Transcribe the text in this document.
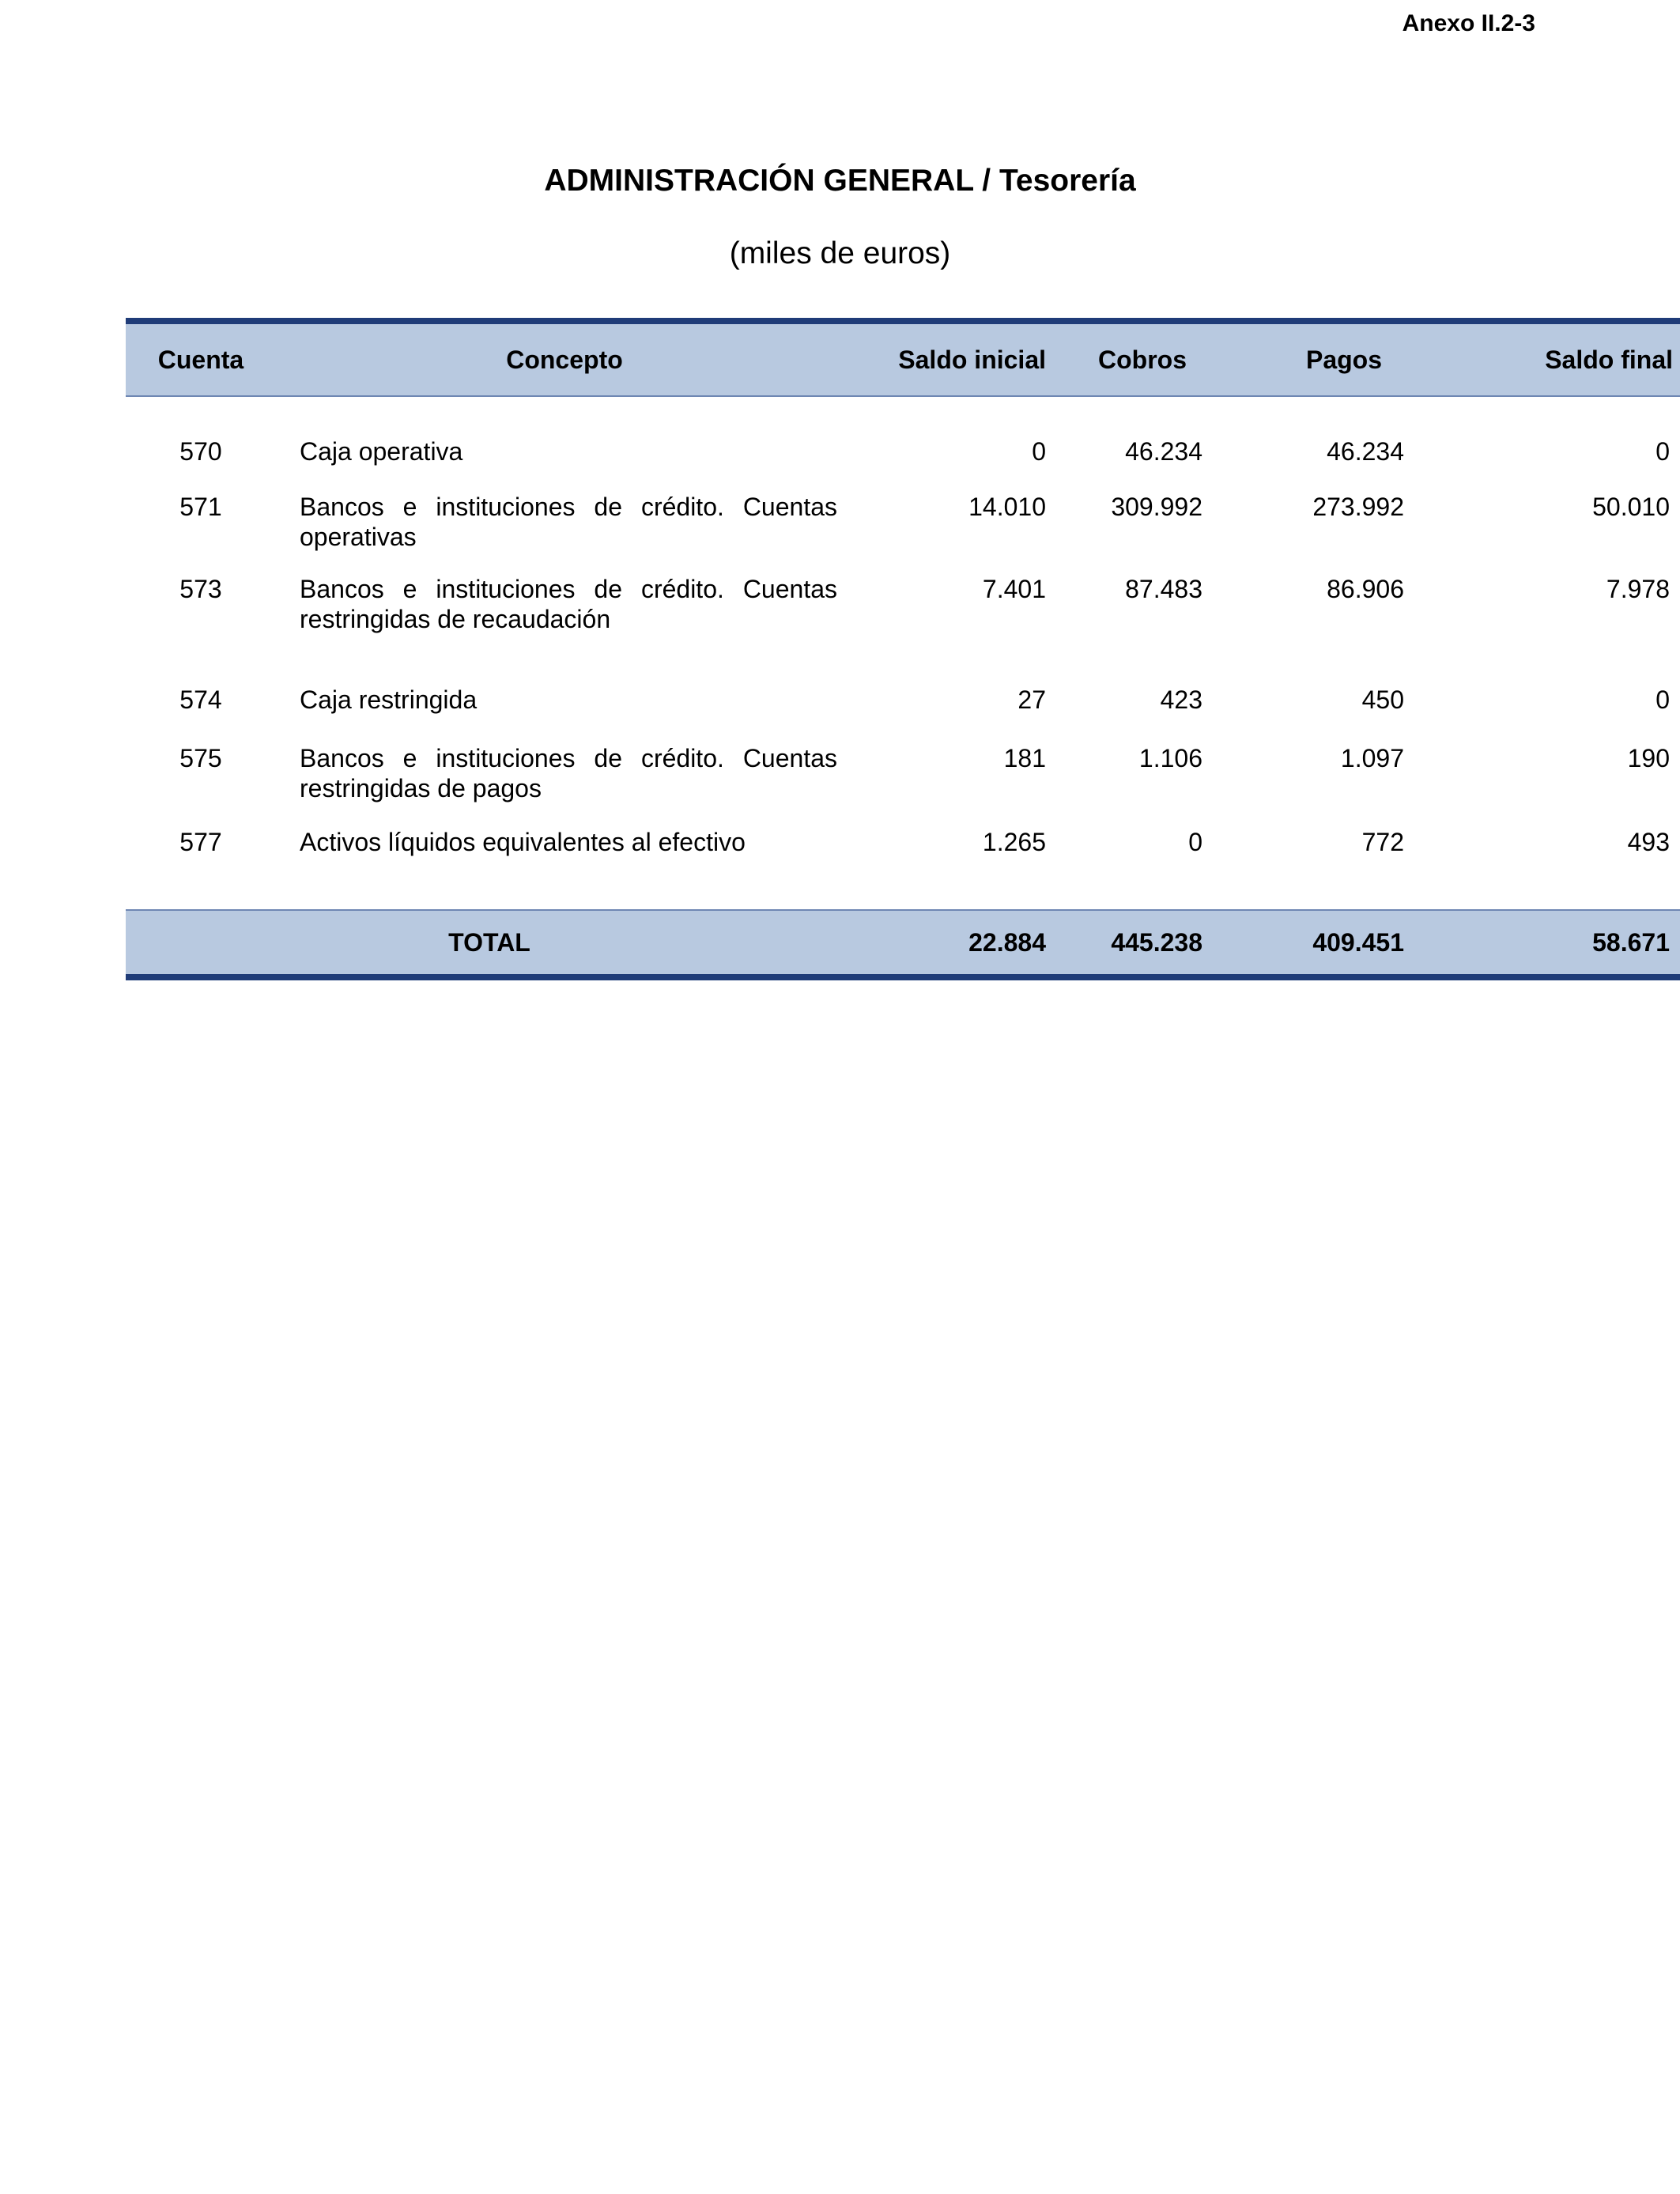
Anexo II.2-3
ADMINISTRACIÓN GENERAL / Tesorería
(miles de euros)
Cuenta	Concepto	Saldo inicial	Cobros	Pagos	Saldo final

570	Caja operativa	0	46.234	46.234	0
571	Bancos e instituciones de crédito. Cuentas operativas	14.010	309.992	273.992	50.010
573	Bancos e instituciones de crédito. Cuentas restringidas de recaudación	7.401	87.483	86.906	7.978
574	Caja restringida	27	423	450	0
575	Bancos e instituciones de crédito. Cuentas restringidas de pagos	181	1.106	1.097	190
577	Activos líquidos equivalentes al efectivo	1.265	0	772	493

TOTAL		22.884	445.238	409.451	58.671
